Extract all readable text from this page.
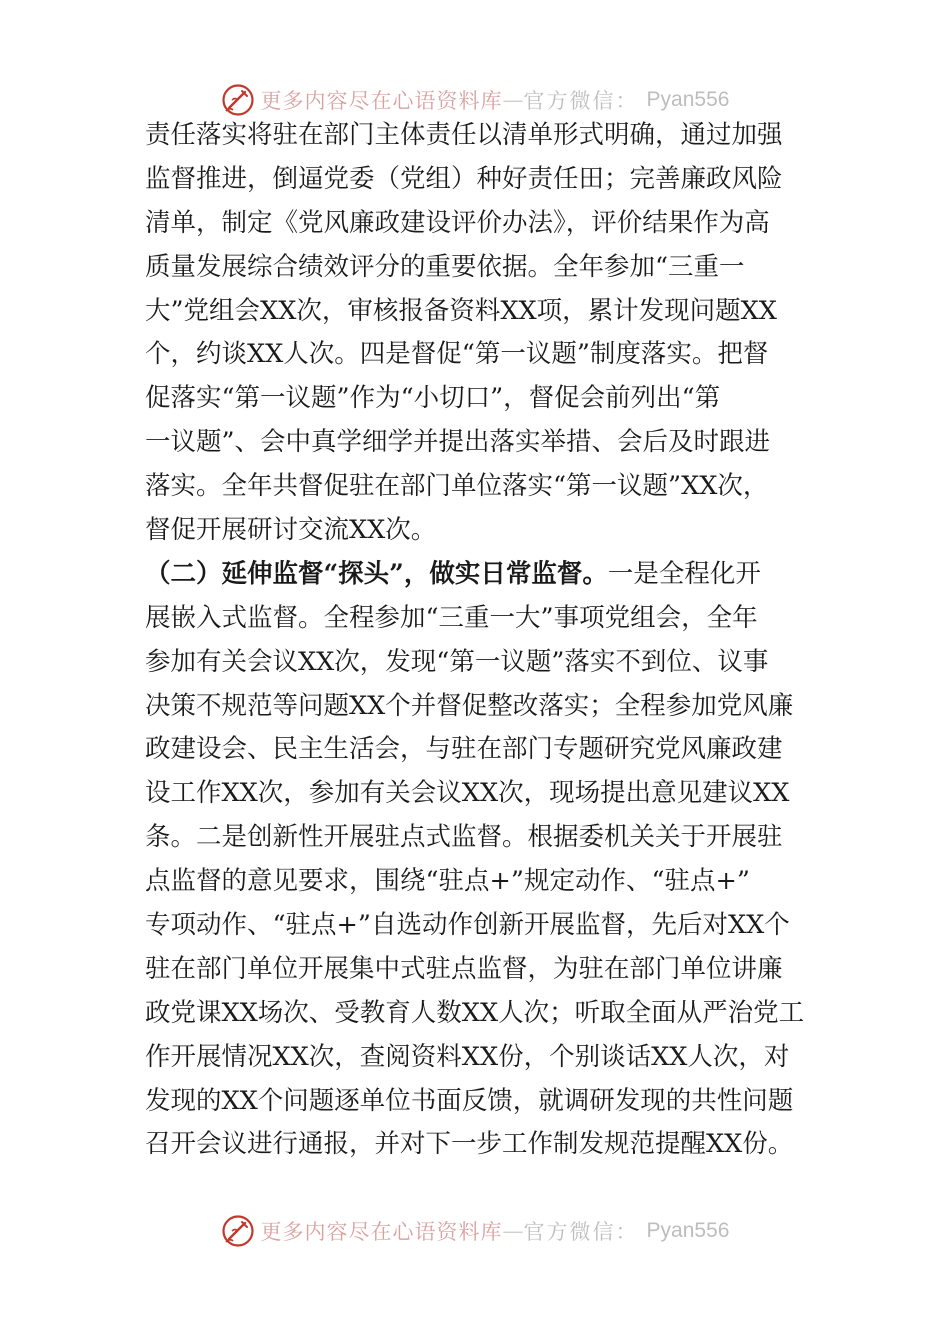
更多内容尽在心语资料库 — 官方微信： Pyan556
责任落实将驻在部门主体责任以清单形式明确，通过加强
监督推进，倒逼党委（党组）种好责任田；完善廉政风险
清单，制定《党风廉政建设评价办法》，评价结果作为高
质量发展综合绩效评分的重要依据。全年参加“三重一
大”党组会XX次，审核报备资料XX项，累计发现问题XX
个，约谈XX人次。四是督促“第一议题”制度落实。把督
促落实“第一议题”作为“小切口”，督促会前列出“第
一议题”、会中真学细学并提出落实举措、会后及时跟进
落实。全年共督促驻在部门单位落实“第一议题”XX次，
督促开展研讨交流XX次。
（二）延伸监督“探头”，做实日常监督。一是全程化开
展嵌入式监督。全程参加“三重一大”事项党组会，全年
参加有关会议XX次，发现“第一议题”落实不到位、议事
决策不规范等问题XX个并督促整改落实；全程参加党风廉
政建设会、民主生活会，与驻在部门专题研究党风廉政建
设工作XX次，参加有关会议XX次，现场提出意见建议XX
条。二是创新性开展驻点式监督。根据委机关关于开展驻
点监督的意见要求，围绕“驻点+”规定动作、“驻点+”
专项动作、“驻点+”自选动作创新开展监督，先后对XX个
驻在部门单位开展集中式驻点监督，为驻在部门单位讲廉
政党课XX场次、受教育人数XX人次；听取全面从严治党工
作开展情况XX次，查阅资料XX份，个别谈话XX人次，对
发现的XX个问题逐单位书面反馈，就调研发现的共性问题
召开会议进行通报，并对下一步工作制发规范提醒XX份。
更多内容尽在心语资料库 — 官方微信： Pyan556
